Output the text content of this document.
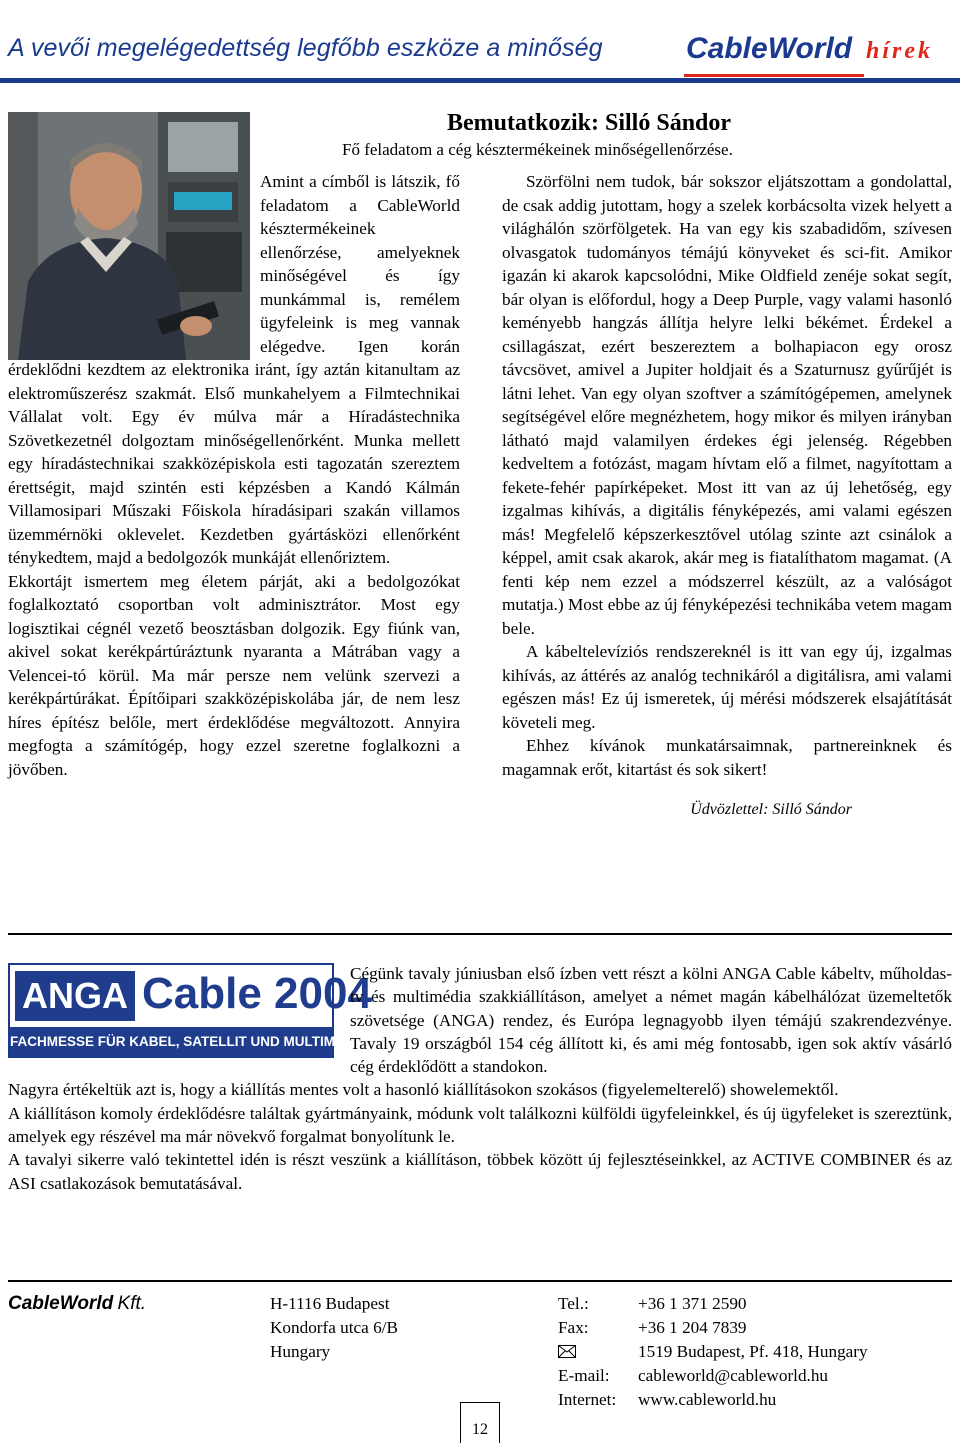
A vevői megelégedettség legfőbb eszköze a minőség	CableWorld hírek
Bemutatkozik: Silló Sándor
Fő feladatom a cég késztermékeinek minőségellenőrzése.

Amint a címből is látszik, fő feladatom a CableWorld késztermékeinek ellenőrzése, amelyeknek minőségével és így munkámmal is, remélem ügyfeleink is meg vannak elégedve. Igen korán érdeklődni kezdtem az elektronika iránt, így aztán kitanultam az elektroműszerész szakmát. Első munkahelyem a Filmtechnikai Vállalat volt. Egy év múlva már a Híradástechnika Szövetkezetnél dolgoztam minőségellenőrként. Munka mellett egy híradástechnikai szakközépiskola esti tagozatán szereztem érettségit, majd szintén esti képzésben a Kandó Kálmán Villamosipari Műszaki Főiskola híradásipari szakán villamos üzemmérnöki oklevelet. Kezdetben gyártásközi ellenőrként ténykedtem, majd a bedolgozók munkáját ellenőriztem.

Ekkortájt ismertem meg életem párját, aki a bedolgozókat foglalkoztató csoportban volt adminisztrátor. Most egy logisztikai cégnél vezető beosztásban dolgozik. Egy fiúnk van, akivel sokat kerékpártúráztunk nyaranta a Mátrában vagy a Velencei-tó körül. Ma már persze nem velünk szervezi a kerékpártúrákat. Építőipari szakközépiskolába jár, de nem lesz híres építész belőle, mert érdeklődése megváltozott. Annyira megfogta a számítógép, hogy ezzel szeretne foglalkozni a jövőben.

Szörfölni nem tudok, bár sokszor eljátszottam a gondolattal, de csak addig jutottam, hogy a szelek korbácsolta vizek helyett a világhálón szörfölgetek. Ha van egy kis szabadidőm, szívesen olvasgatok tudományos témájú könyveket és sci-fit. Amikor igazán ki akarok kapcsolódni, Mike Oldfield zenéje sokat segít, bár olyan is előfordul, hogy a Deep Purple, vagy valami hasonló keményebb hangzás állítja helyre lelki békémet. Érdekel a csillagászat, ezért beszereztem a bolhapiacon egy orosz távcsövet, amivel a Jupiter holdjait és a Szaturnusz gyűrűjét is látni lehet. Van egy olyan szoftver a számítógépemen, amelynek segítségével előre megnézhetem, hogy mikor és milyen irányban látható majd valamilyen érdekes égi jelenség. Régebben kedveltem a fotózást, magam hívtam elő a filmet, nagyítottam a fekete-fehér papírképeket. Most itt van az új lehetőség, egy izgalmas kihívás, a digitális fényképezés, ami valami egészen más! Megfelelő képszerkesztővel utólag szinte azt csinálok a képpel, amit csak akarok, akár meg is fiatalíthatom magamat. (A fenti kép nem ezzel a módszerrel készült, az a valóságot mutatja.) Most ebbe az új fényképezési technikába vetem magam bele.

A kábeltelevíziós rendszereknél is itt van egy új, izgalmas kihívás, az áttérés az analóg technikáról a digitálisra, ami valami egészen más! Ez új ismeretek, új mérési módszerek elsajátítását követeli meg.

Ehhez kívánok munkatársaimnak, partnereinknek és magamnak erőt, kitartást és sok sikert!

Üdvözlettel: Silló Sándor
ANGA Cable 2004
FACHMESSE FÜR KABEL, SATELLIT UND MULTIMEDIA

Cégünk tavaly júniusban első ízben vett részt a kölni ANGA Cable kábeltv, műholdas-tv és multimédia szakkiállításon, amelyet a német magán kábelhálózat üzemeltetők szövetsége (ANGA) rendez, és Európa legnagyobb ilyen témájú szakrendezvénye. Tavaly 19 országból 154 cég állított ki, és ami még fontosabb, igen sok aktív vásárló cég érdeklődött a standokon.

Nagyra értékeltük azt is, hogy a kiállítás mentes volt a hasonló kiállításokon szokásos (figyelemelterelő) showelemektől.

A kiállításon komoly érdeklődésre találtak gyártmányaink, módunk volt találkozni külföldi ügyfeleinkkel, és új ügyfeleket is szereztünk, amelyek egy részével ma már növekvő forgalmat bonyolítunk le.

A tavalyi sikerre való tekintettel idén is részt veszünk a kiállításon, többek között új fejlesztéseinkkel, az ACTIVE COMBINER és az ASI csatlakozások bemutatásával.

CableWorld Kft.	H-1116 Budapest
Kondorfa utca 6/B
Hungary
Tel.:
Fax:
E-mail:
Internet:
+36 1 371 2590
+36 1 204 7839
1519 Budapest, Pf. 418, Hungary
cableworld@cableworld.hu
www.cableworld.hu
12
